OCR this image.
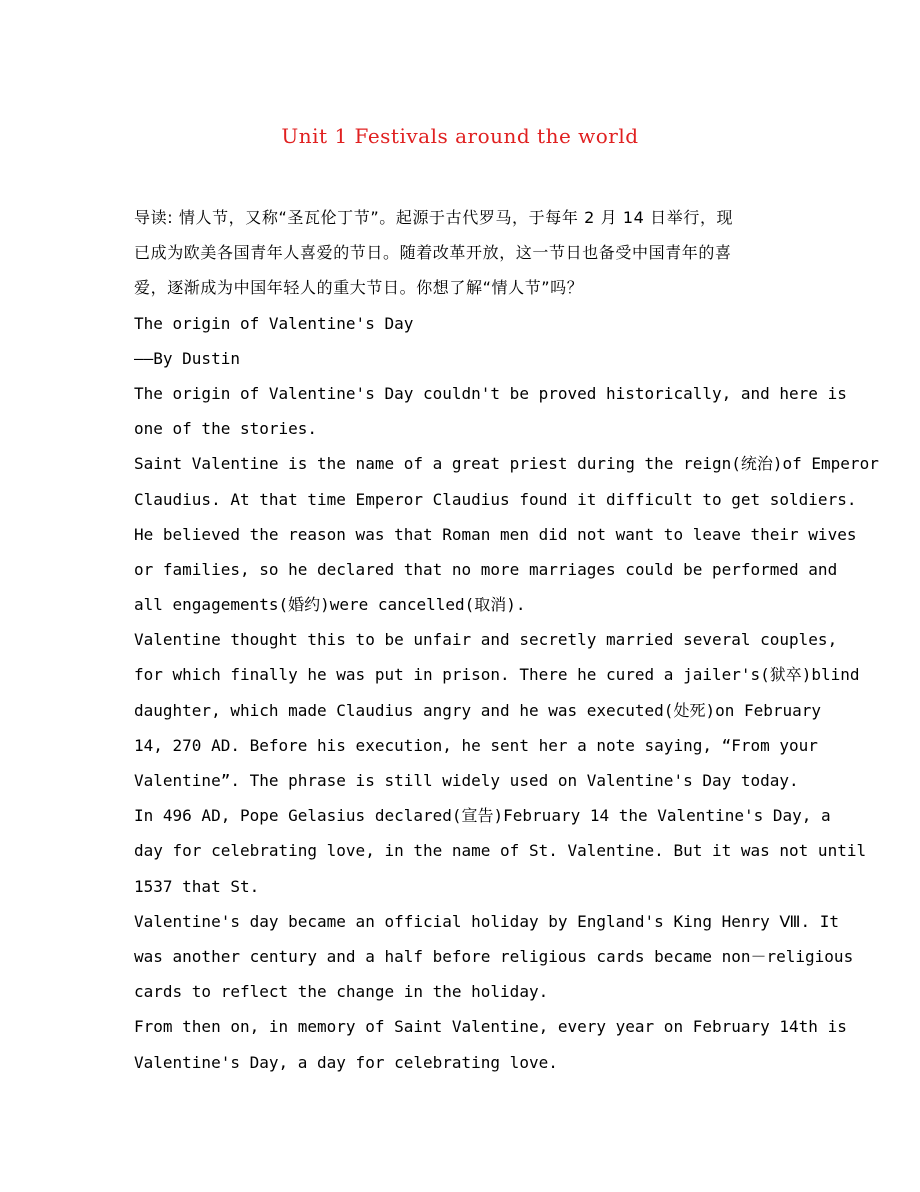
Unit 1 Festivals around the world
导读: 情人节，又称“圣瓦伦丁节”。起源于古代罗马，于每年 2 月 14 日举行，现
已成为欧美各国青年人喜爱的节日。随着改革开放，这一节日也备受中国青年的喜
爱，逐渐成为中国年轻人的重大节日。你想了解“情人节”吗？
The origin of Valentine's Day
——By Dustin
The origin of Valentine's Day couldn't be proved historically, and here is
one of the stories.
Saint Valentine is the name of a great priest during the reign(统治)of Emperor
Claudius. At that time Emperor Claudius found it difficult to get soldiers.
He believed the reason was that Roman men did not want to leave their wives
or families, so he declared that no more marriages could be performed and
all engagements(婚约)were cancelled(取消).
Valentine thought this to be unfair and secretly married several couples,
for which finally he was put in prison. There he cured a jailer's(狱卒)blind
daughter, which made Claudius angry and he was executed(处死)on February
14, 270 AD. Before his execution, he sent her a note saying, “From your
Valentine”. The phrase is still widely used on Valentine's Day today.
In 496 AD, Pope Gelasius declared(宣告)February 14 the Valentine's Day, a
day for celebrating love, in the name of St. Valentine. But it was not until
1537 that St.
Valentine's day became an official holiday by England's King Henry Ⅷ. It
was another century and a half before religious cards became non－religious
cards to reflect the change in the holiday.
From then on, in memory of Saint Valentine, every year on February 14th is
Valentine's Day, a day for celebrating love.
